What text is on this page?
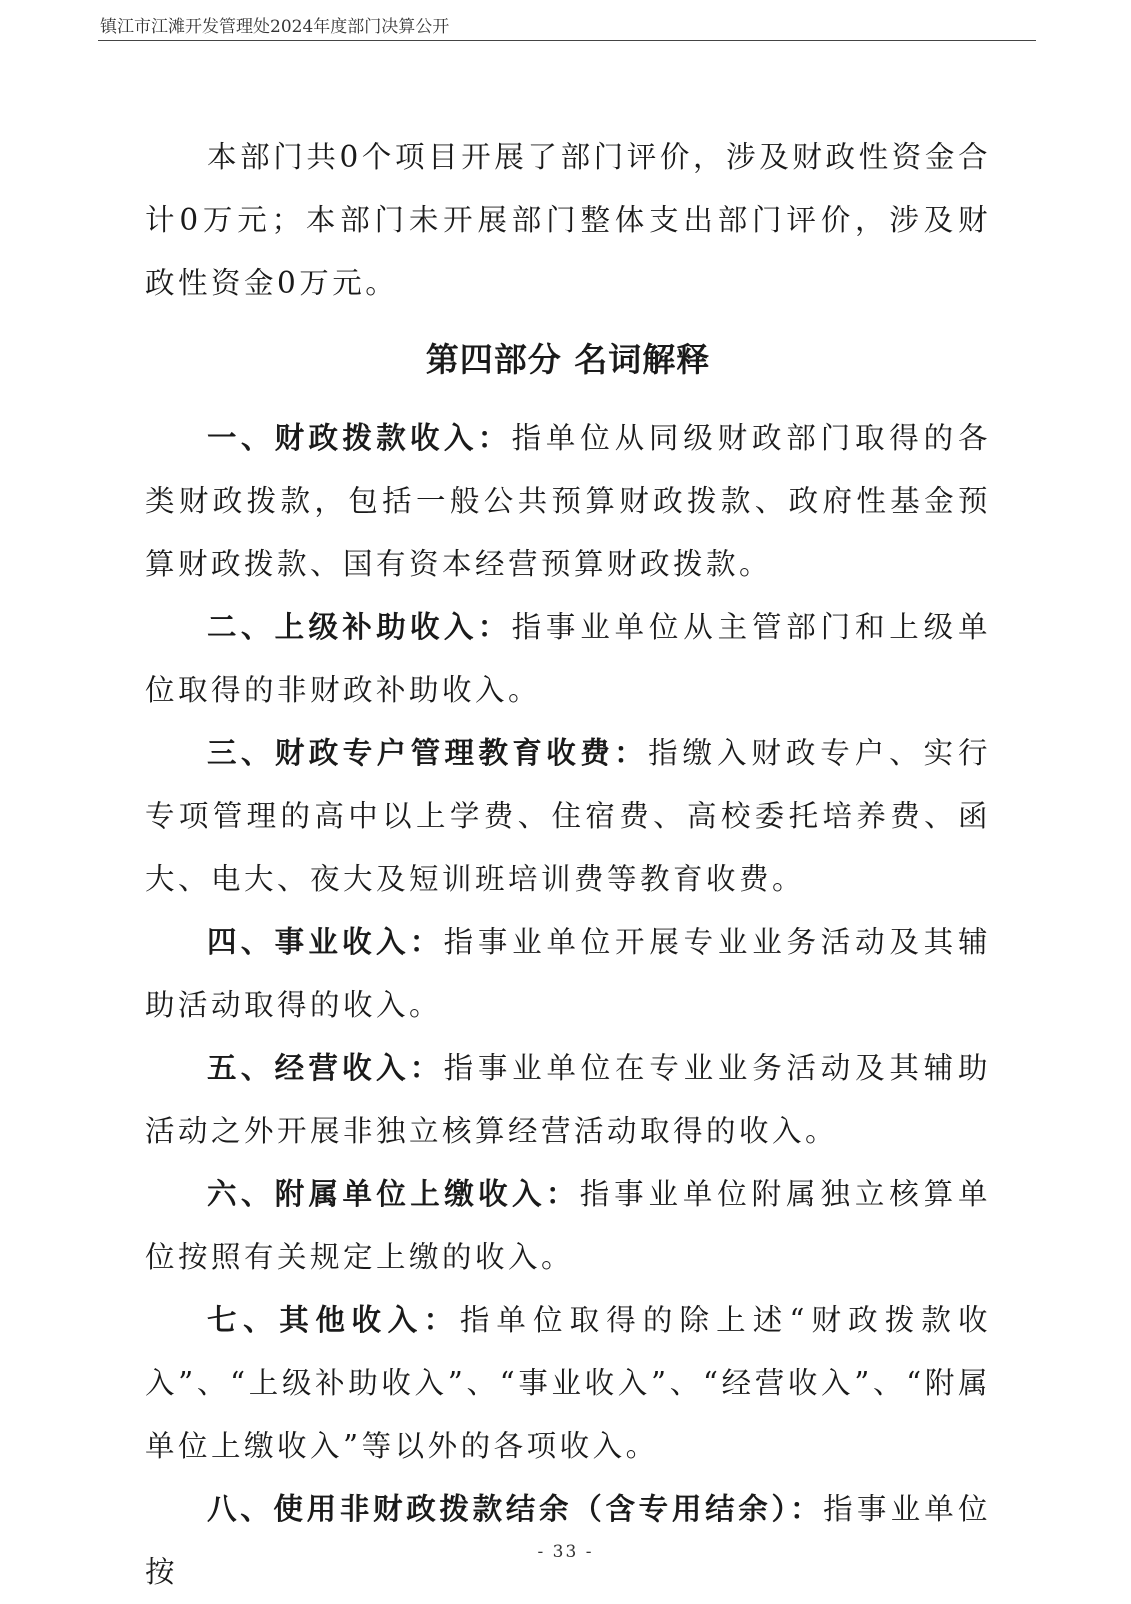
镇江市江滩开发管理处2024年度部门决算公开

本部门共0个项目开展了部门评价，涉及财政性资金合计0万元；本部门未开展部门整体支出部门评价，涉及财政性资金0万元。

第四部分 名词解释

一、财政拨款收入：指单位从同级财政部门取得的各类财政拨款，包括一般公共预算财政拨款、政府性基金预算财政拨款、国有资本经营预算财政拨款。

二、上级补助收入：指事业单位从主管部门和上级单位取得的非财政补助收入。

三、财政专户管理教育收费：指缴入财政专户、实行专项管理的高中以上学费、住宿费、高校委托培养费、函大、电大、夜大及短训班培训费等教育收费。

四、事业收入：指事业单位开展专业业务活动及其辅助活动取得的收入。

五、经营收入：指事业单位在专业业务活动及其辅助活动之外开展非独立核算经营活动取得的收入。

六、附属单位上缴收入：指事业单位附属独立核算单位按照有关规定上缴的收入。

七、其他收入：指单位取得的除上述“财政拨款收入”、“上级补助收入”、“事业收入”、“经营收入”、“附属单位上缴收入”等以外的各项收入。

八、使用非财政拨款结余（含专用结余）：指事业单位按

- 33 -
